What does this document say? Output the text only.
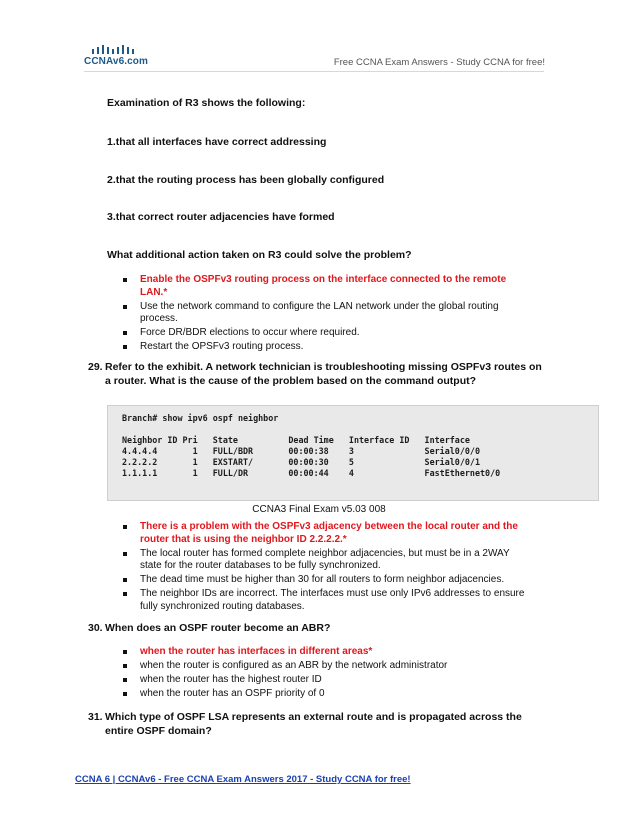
CCNAv6.com	Free CCNA Exam Answers - Study CCNA for free!
Examination of R3 shows the following:
1.that all interfaces have correct addressing
2.that the routing process has been globally configured
3.that correct router adjacencies have formed
What additional action taken on R3 could solve the problem?
Enable the OSPFv3 routing process on the interface connected to the remote
LAN.*
Use the network command to configure the LAN network under the global routing
process.
Force DR/BDR elections to occur where required.
Restart the OPSFv3 routing process.
29. Refer to the exhibit. A network technician is troubleshooting missing OSPFv3 routes on
a router. What is the cause of the problem based on the command output?
Branch# show ipv6 ospf neighbor

Neighbor ID Pri   State          Dead Time   Interface ID   Interface
4.4.4.4       1   FULL/BDR       00:00:38    3              Serial0/0/0
2.2.2.2       1   EXSTART/       00:00:30    5              Serial0/0/1
1.1.1.1       1   FULL/DR        00:00:44    4              FastEthernet0/0
CCNA3 Final Exam v5.03 008
There is a problem with the OSPFv3 adjacency between the local router and the
router that is using the neighbor ID 2.2.2.2.*
The local router has formed complete neighbor adjacencies, but must be in a 2WAY
state for the router databases to be fully synchronized.
The dead time must be higher than 30 for all routers to form neighbor adjacencies.
The neighbor IDs are incorrect. The interfaces must use only IPv6 addresses to ensure
fully synchronized routing databases.
30. When does an OSPF router become an ABR?
when the router has interfaces in different areas*
when the router is configured as an ABR by the network administrator
when the router has the highest router ID
when the router has an OSPF priority of 0
31. Which type of OSPF LSA represents an external route and is propagated across the
entire OSPF domain?
CCNA 6 | CCNAv6 - Free CCNA Exam Answers 2017 - Study CCNA for free!
